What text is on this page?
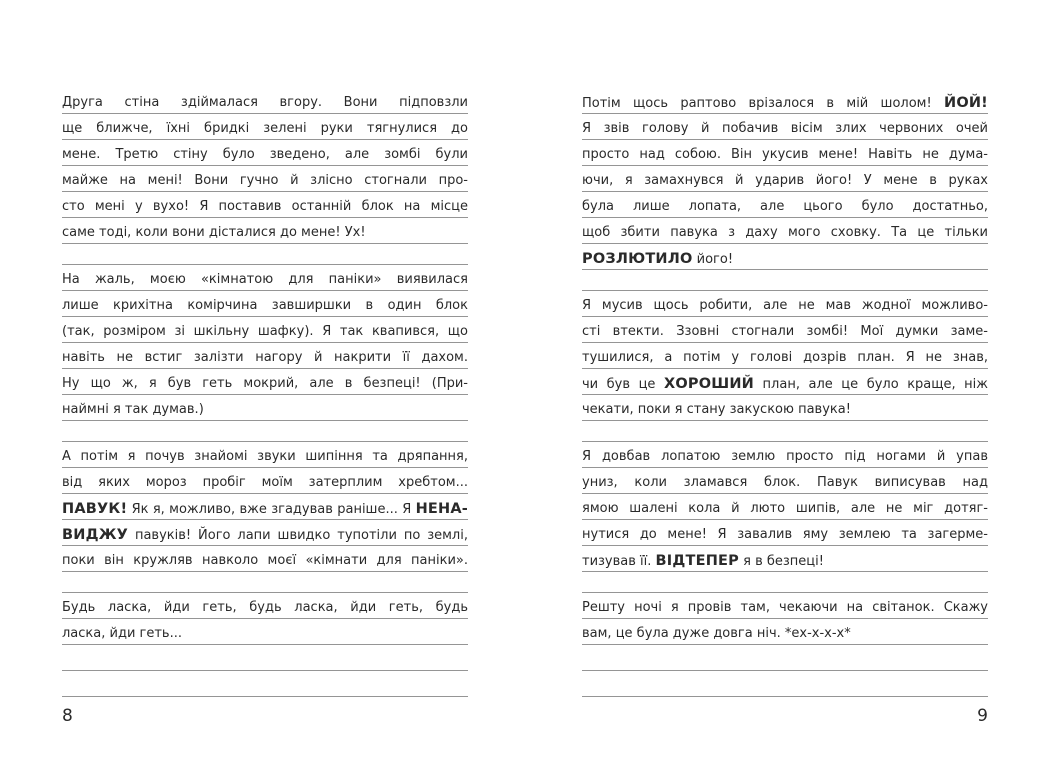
Друга стіна здіймалася вгору. Вони підповзли
ще ближче, їхні бридкі зелені руки тягнулися до
мене. Третю стіну було зведено, але зомбі були
майже на мені! Вони гучно й злісно стогнали про-
сто мені у вухо! Я поставив останній блок на місце
саме тоді, коли вони дісталися до мене! Ух!
На жаль, моєю «кімнатою для паніки» виявилася
лише крихітна комірчина завширшки в один блок
(так, розміром зі шкільну шафку). Я так квапився, що
навіть не встиг залізти нагору й накрити її дахом.
Ну що ж, я був геть мокрий, але в безпеці! (При-
наймні я так думав.)
А потім я почув знайомі звуки шипіння та дряпання,
від яких мороз пробіг моїм затерплим хребтом...
ПАВУК! Як я, можливо, вже згадував раніше... Я НЕНА-
ВИДЖУ павуків! Його лапи швидко тупотіли по землі,
поки він кружляв навколо моєї «кімнати для паніки».
Будь ласка, йди геть, будь ласка, йди геть, будь
ласка, йди геть...
8
Потім щось раптово врізалося в мій шолом! ЙОЙ!
Я звів голову й побачив вісім злих червоних очей
просто над собою. Він укусив мене! Навіть не дума-
ючи, я замахнувся й ударив його! У мене в руках
була лише лопата, але цього було достатньо,
щоб збити павука з даху мого сховку. Та це тільки
РОЗЛЮТИЛО його!
Я мусив щось робити, але не мав жодної можливо-
сті втекти. Ззовні стогнали зомбі! Мої думки заме-
тушилися, а потім у голові дозрів план. Я не знав,
чи був це ХОРОШИЙ план, але це було краще, ніж
чекати, поки я стану закускою павука!
Я довбав лопатою землю просто під ногами й упав
униз, коли зламався блок. Павук виписував над
ямою шалені кола й люто шипів, але не міг дотяг-
нутися до мене! Я завалив яму землею та загерме-
тизував її. ВІДТЕПЕР я в безпеці!
Решту ночі я провів там, чекаючи на світанок. Скажу
вам, це була дуже довга ніч. *ех-х-х-х*
9
